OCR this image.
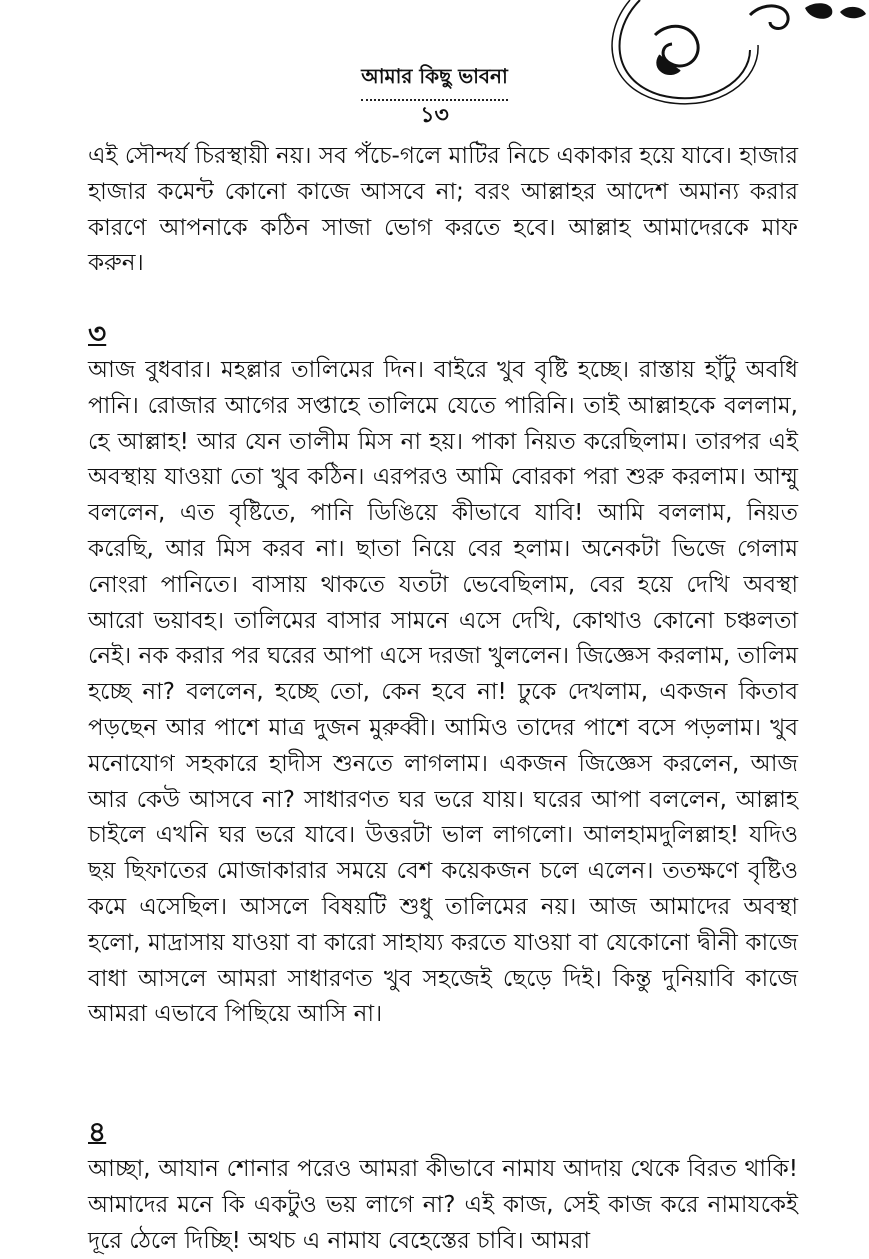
আমার কিছু ভাবনা
১৩

এই সৌন্দর্য চিরস্থায়ী নয়। সব পঁচে-গলে মাটির নিচে একাকার হয়ে যাবে। হাজার হাজার কমেন্ট কোনো কাজে আসবে না; বরং আল্লাহর আদেশ অমান্য করার কারণে আপনাকে কঠিন সাজা ভোগ করতে হবে। আল্লাহ আমাদেরকে মাফ করুন।

৩

আজ বুধবার। মহল্লার তালিমের দিন। বাইরে খুব বৃষ্টি হচ্ছে। রাস্তায় হাঁটু অবধি পানি। রোজার আগের সপ্তাহে তালিমে যেতে পারিনি। তাই আল্লাহকে বললাম, হে আল্লাহ! আর যেন তালীম মিস না হয়। পাকা নিয়ত করেছিলাম। তারপর এই অবস্থায় যাওয়া তো খুব কঠিন। এরপরও আমি বোরকা পরা শুরু করলাম। আম্মু বললেন, এত বৃষ্টিতে, পানি ডিঙিয়ে কীভাবে যাবি! আমি বললাম, নিয়ত করেছি, আর মিস করব না। ছাতা নিয়ে বের হলাম। অনেকটা ভিজে গেলাম নোংরা পানিতে। বাসায় থাকতে যতটা ভেবেছিলাম, বের হয়ে দেখি অবস্থা আরো ভয়াবহ। তালিমের বাসার সামনে এসে দেখি, কোথাও কোনো চঞ্চলতা নেই। নক করার পর ঘরের আপা এসে দরজা খুললেন। জিজ্ঞেস করলাম, তালিম হচ্ছে না? বললেন, হচ্ছে তো, কেন হবে না! ঢুকে দেখলাম, একজন কিতাব পড়ছেন আর পাশে মাত্র দুজন মুরুব্বী। আমিও তাদের পাশে বসে পড়লাম। খুব মনোযোগ সহকারে হাদীস শুনতে লাগলাম। একজন জিজ্ঞেস করলেন, আজ আর কেউ আসবে না? সাধারণত ঘর ভরে যায়। ঘরের আপা বললেন, আল্লাহ চাইলে এখনি ঘর ভরে যাবে। উত্তরটা ভাল লাগলো। আলহামদুলিল্লাহ! যদিও ছয় ছিফাতের মোজাকারার সময়ে বেশ কয়েকজন চলে এলেন। ততক্ষণে বৃষ্টিও কমে এসেছিল। আসলে বিষয়টি শুধু তালিমের নয়। আজ আমাদের অবস্থা হলো, মাদ্রাসায় যাওয়া বা কারো সাহায্য করতে যাওয়া বা যেকোনো দ্বীনী কাজে বাধা আসলে আমরা সাধারণত খুব সহজেই ছেড়ে দিই। কিন্তু দুনিয়াবি কাজে আমরা এভাবে পিছিয়ে আসি না।

৪

আচ্ছা, আযান শোনার পরেও আমরা কীভাবে নামায আদায় থেকে বিরত থাকি! আমাদের মনে কি একটুও ভয় লাগে না? এই কাজ, সেই কাজ করে নামাযকেই দূরে ঠেলে দিচ্ছি! অথচ এ নামায বেহেস্তের চাবি। আমরা
